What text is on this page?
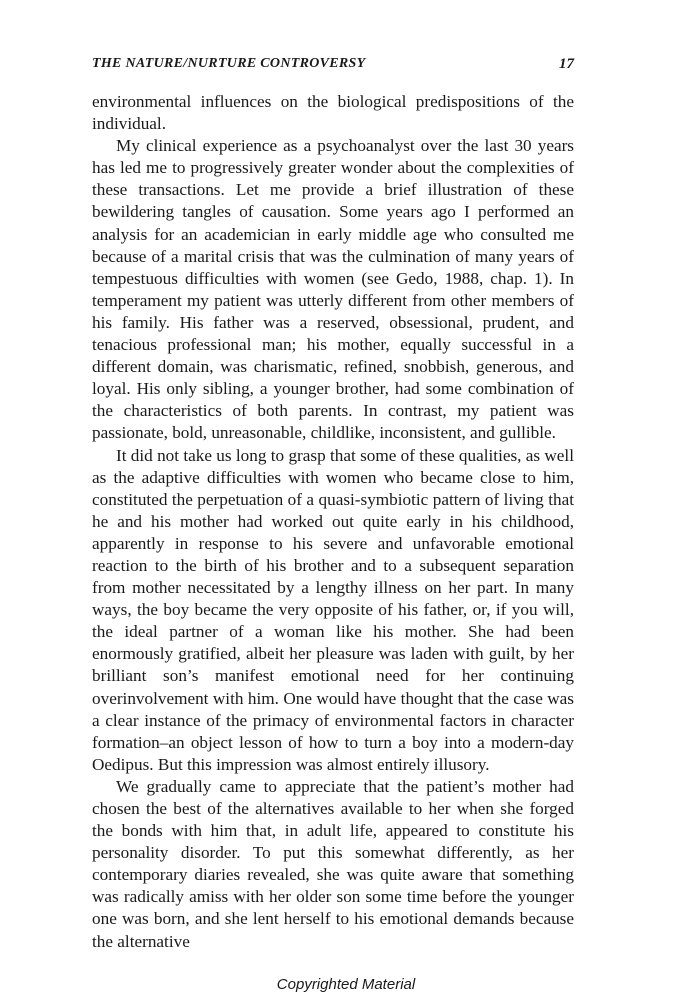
THE NATURE/NURTURE CONTROVERSY	17

environmental influences on the biological predispositions of the individual.

My clinical experience as a psychoanalyst over the last 30 years has led me to progressively greater wonder about the complexities of these transactions. Let me provide a brief illustration of these bewildering tangles of causation. Some years ago I performed an analysis for an academician in early middle age who consulted me because of a marital crisis that was the culmination of many years of tempestuous difficulties with women (see Gedo, 1988, chap. 1). In temperament my patient was utterly different from other members of his family. His father was a reserved, obsessional, prudent, and tenacious professional man; his mother, equally successful in a different domain, was charismatic, refined, snobbish, generous, and loyal. His only sibling, a younger brother, had some combination of the characteristics of both parents. In contrast, my patient was passionate, bold, unreasonable, childlike, inconsistent, and gullible.

It did not take us long to grasp that some of these qualities, as well as the adaptive difficulties with women who became close to him, constituted the perpetuation of a quasi-symbiotic pattern of living that he and his mother had worked out quite early in his childhood, apparently in response to his severe and unfavorable emotional reaction to the birth of his brother and to a subsequent separation from mother necessitated by a lengthy illness on her part. In many ways, the boy became the very opposite of his father, or, if you will, the ideal partner of a woman like his mother. She had been enormously gratified, albeit her pleasure was laden with guilt, by her brilliant son’s manifest emotional need for her continuing overinvolvement with him. One would have thought that the case was a clear instance of the primacy of environmental factors in character formation–an object lesson of how to turn a boy into a modern-day Oedipus. But this impression was almost entirely illusory.

We gradually came to appreciate that the patient’s mother had chosen the best of the alternatives available to her when she forged the bonds with him that, in adult life, appeared to constitute his personality disorder. To put this somewhat differently, as her contemporary diaries revealed, she was quite aware that something was radically amiss with her older son some time before the younger one was born, and she lent herself to his emotional demands because the alternative

Copyrighted Material
